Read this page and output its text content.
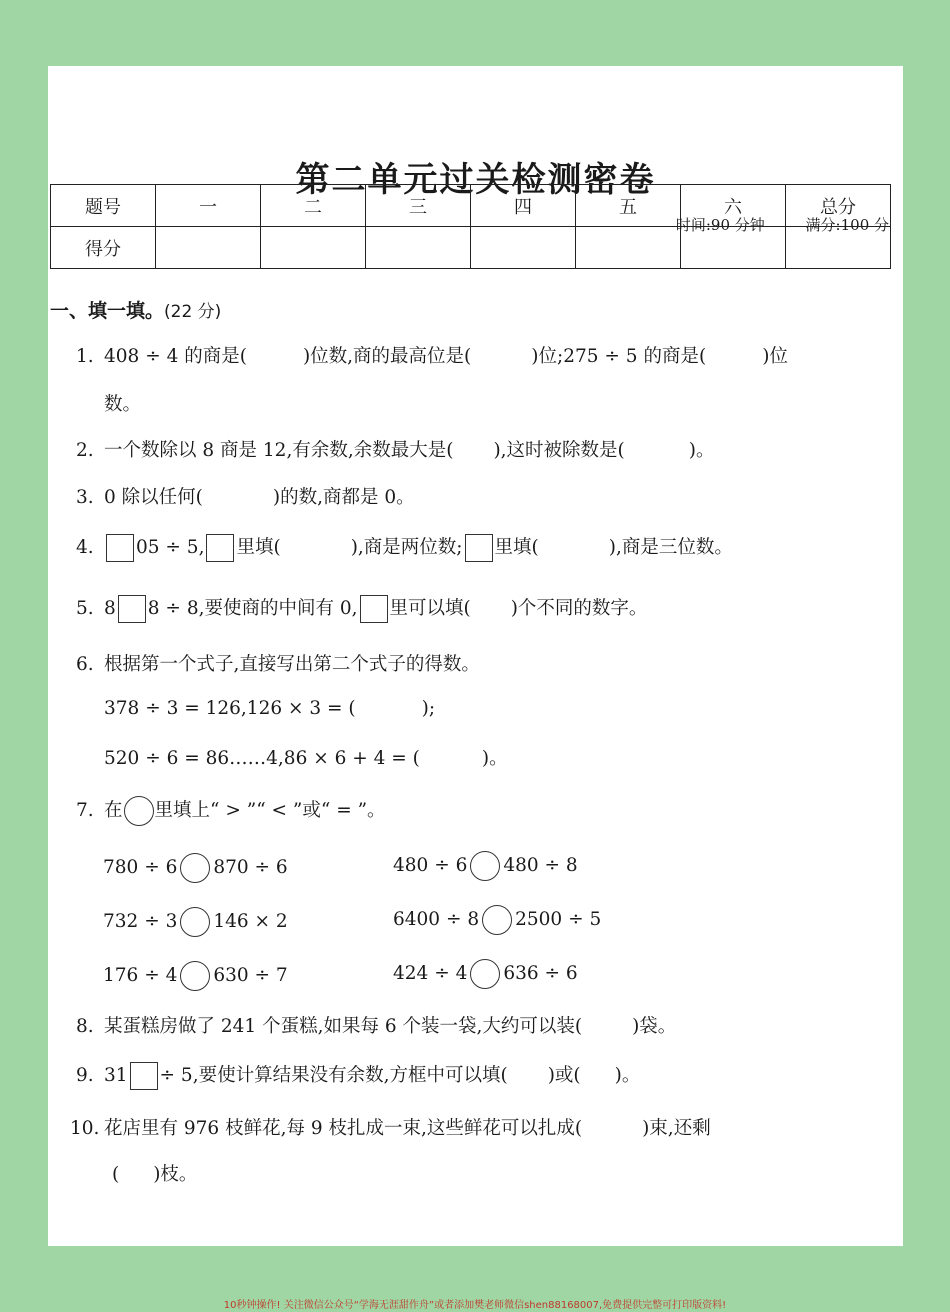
第二单元过关检测密卷
时间:90 分钟	满分:100 分
题号	一	二	三	四	五	六	总分
得分							
一、填一填。(22 分)
1. 408 ÷ 4 的商是(	)位数,商的最高位是(	)位;275 ÷ 5 的商是(	)位
数。
2. 一个数除以 8 商是 12,有余数,余数最大是( ),这时被除数是(	)。
3. 0 除以任何(	)的数,商都是 0。
4. 05 ÷ 5, 里填(	),商是两位数; 里填(	),商是三位数。
5. 8 8 ÷ 8,要使商的中间有 0, 里可以填( )个不同的数字。
6. 根据第一个式子,直接写出第二个式子的得数。
378 ÷ 3 = 126,126 × 3 = (	);
520 ÷ 6 = 86……4,86 × 6 + 4 = (	)。
7. 在 里填上“ > ”“ < ”或“ = ”。
780 ÷ 6 870 ÷ 6	480 ÷ 6 480 ÷ 8
732 ÷ 3 146 × 2	6400 ÷ 8 2500 ÷ 5
176 ÷ 4 630 ÷ 7	424 ÷ 4 636 ÷ 6
8. 某蛋糕房做了 241 个蛋糕,如果每 6 个装一袋,大约可以装(	)袋。
9. 31 ÷ 5,要使计算结果没有余数,方框中可以填( )或( )。
10. 花店里有 976 枝鲜花,每 9 枝扎成一束,这些鲜花可以扎成(	)束,还剩
( )枝。
10秒钟操作! 关注微信公众号“学海无涯甜作舟”或者添加樊老师微信shen88168007,免费提供完整可打印版资料!
